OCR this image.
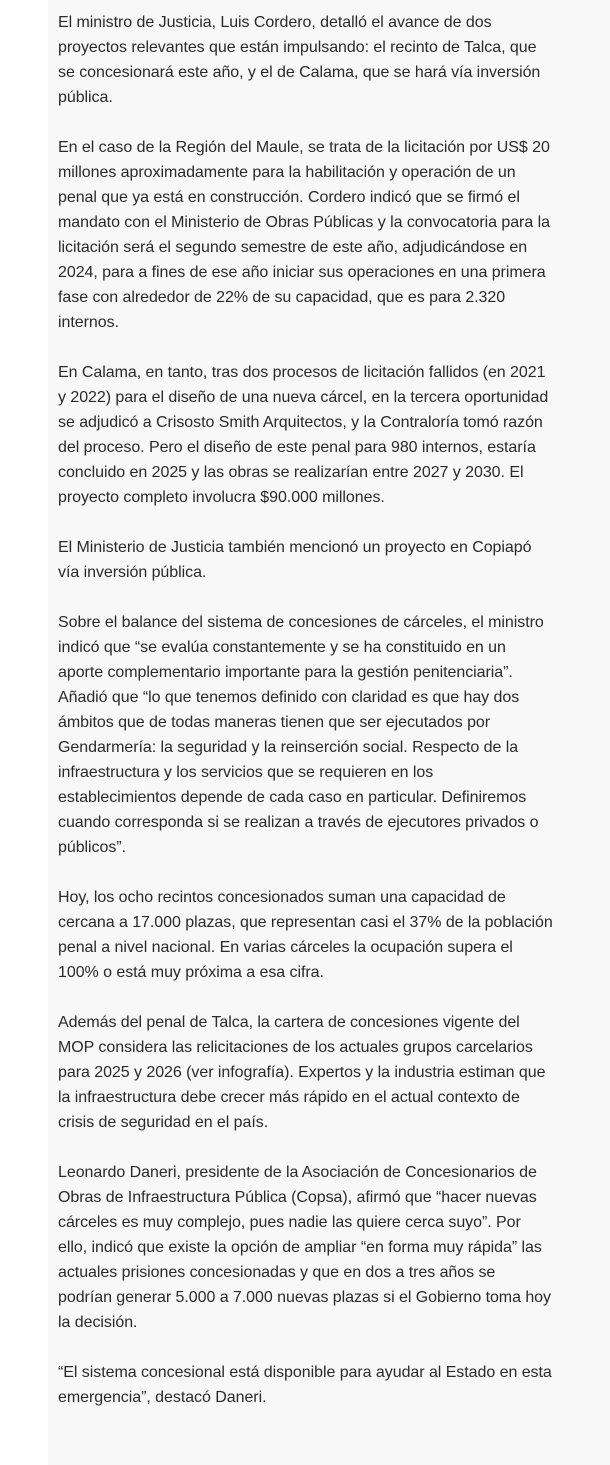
El ministro de Justicia, Luis Cordero, detalló el avance de dos proyectos relevantes que están impulsando: el recinto de Talca, que se concesionará este año, y el de Calama, que se hará vía inversión pública.

En el caso de la Región del Maule, se trata de la licitación por US$ 20 millones aproximadamente para la habilitación y operación de un penal que ya está en construcción. Cordero indicó que se firmó el mandato con el Ministerio de Obras Públicas y la convocatoria para la licitación será el segundo semestre de este año, adjudicándose en 2024, para a fines de ese año iniciar sus operaciones en una primera fase con alrededor de 22% de su capacidad, que es para 2.320 internos.

En Calama, en tanto, tras dos procesos de licitación fallidos (en 2021 y 2022) para el diseño de una nueva cárcel, en la tercera oportunidad se adjudicó a Crisosto Smith Arquitectos, y la Contraloría tomó razón del proceso. Pero el diseño de este penal para 980 internos, estaría concluido en 2025 y las obras se realizarían entre 2027 y 2030. El proyecto completo involucra $90.000 millones.

El Ministerio de Justicia también mencionó un proyecto en Copiapó vía inversión pública.

Sobre el balance del sistema de concesiones de cárceles, el ministro indicó que “se evalúa constantemente y se ha constituido en un aporte complementario importante para la gestión penitenciaria”. Añadió que “lo que tenemos definido con claridad es que hay dos ámbitos que de todas maneras tienen que ser ejecutados por Gendarmería: la seguridad y la reinserción social. Respecto de la infraestructura y los servicios que se requieren en los establecimientos depende de cada caso en particular. Definiremos cuando corresponda si se realizan a través de ejecutores privados o públicos”.

Hoy, los ocho recintos concesionados suman una capacidad de cercana a 17.000 plazas, que representan casi el 37% de la población penal a nivel nacional. En varias cárceles la ocupación supera el 100% o está muy próxima a esa cifra.

Además del penal de Talca, la cartera de concesiones vigente del MOP considera las relicitaciones de los actuales grupos carcelarios para 2025 y 2026 (ver infografía). Expertos y la industria estiman que la infraestructura debe crecer más rápido en el actual contexto de crisis de seguridad en el país.

Leonardo Daneri, presidente de la Asociación de Concesionarios de Obras de Infraestructura Pública (Copsa), afirmó que “hacer nuevas cárceles es muy complejo, pues nadie las quiere cerca suyo”. Por ello, indicó que existe la opción de ampliar “en forma muy rápida” las actuales prisiones concesionadas y que en dos a tres años se podrían generar 5.000 a 7.000 nuevas plazas si el Gobierno toma hoy la decisión.

“El sistema concesional está disponible para ayudar al Estado en esta emergencia”, destacó Daneri.
